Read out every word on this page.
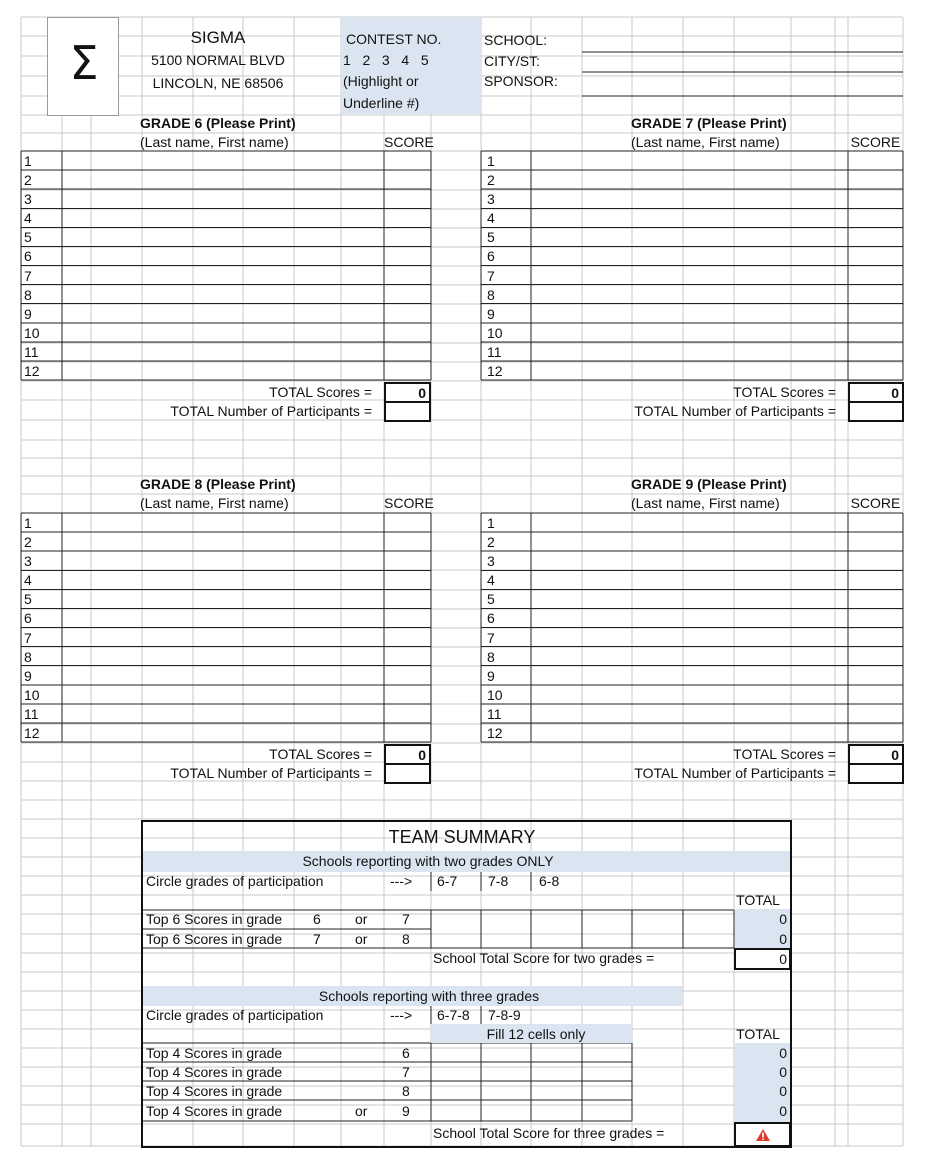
Σ	SIGMA
5100 NORMAL BLVD
LINCOLN, NE 68506
CONTEST NO.
1   2   3   4   5
(Highlight or
Underline #)
SCHOOL:
CITY/ST:
SPONSOR:
GRADE 6 (Please Print)
(Last name, First name)	SCORE
1
2
3
4
5
6
7
8
9
10
11
12
TOTAL Scores =	0
TOTAL Number of Participants =
GRADE 7 (Please Print)
(Last name, First name)	SCORE
1
2
3
4
5
6
7
8
9
10
11
12
TOTAL Scores =	0
TOTAL Number of Participants =
GRADE 8 (Please Print)
(Last name, First name)	SCORE
1
2
3
4
5
6
7
8
9
10
11
12
TOTAL Scores =	0
TOTAL Number of Participants =
GRADE 9 (Please Print)
(Last name, First name)	SCORE
1
2
3
4
5
6
7
8
9
10
11
12
TOTAL Scores =	0
TOTAL Number of Participants =
TEAM SUMMARY
Schools reporting with two grades ONLY
Circle grades of participation	---> 6-7 7-8 6-8
TOTAL
Top 6 Scores in grade 6 or 7	0
Top 6 Scores in grade 7 or 8	0
School Total Score for two grades =	0
Schools reporting with three grades
Circle grades of participation	---> 6-7-8 7-8-9
Fill 12 cells only	TOTAL
Top 4 Scores in grade	6	0
Top 4 Scores in grade	7	0
Top 4 Scores in grade	8	0
Top 4 Scores in grade	or 9	0
School Total Score for three grades =
